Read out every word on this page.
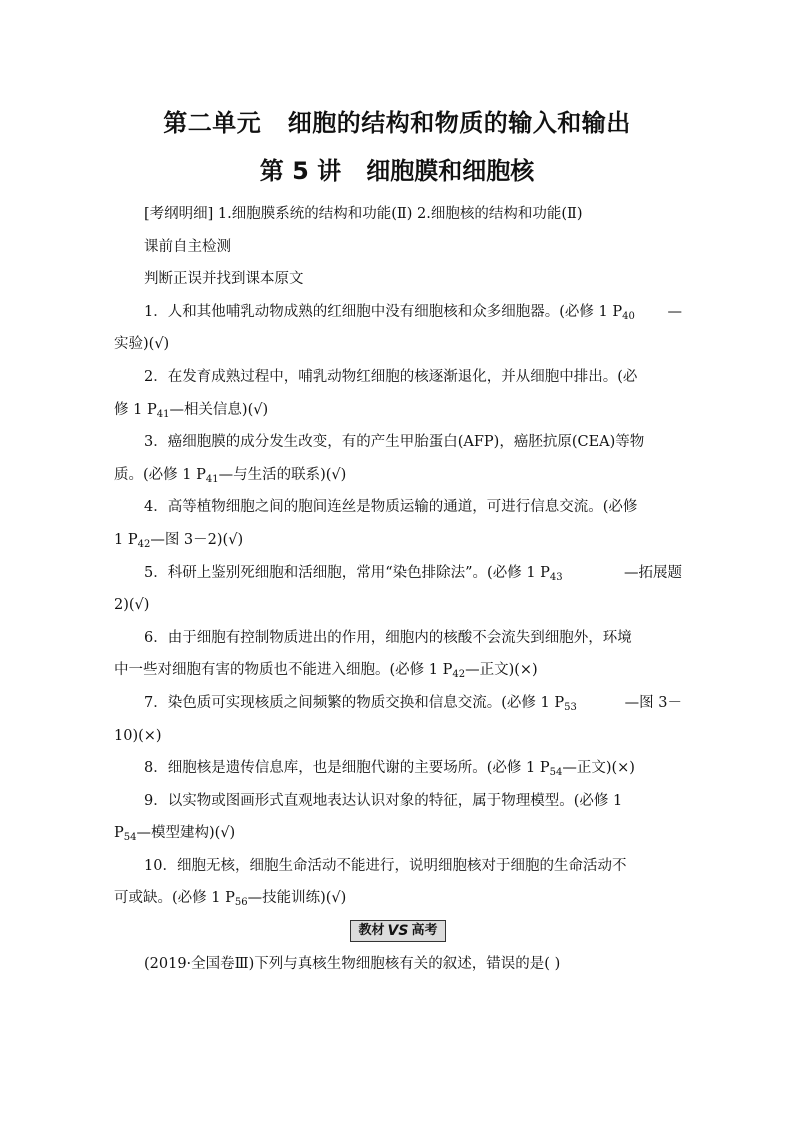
第二单元   细胞的结构和物质的输入和输出
第 5 讲   细胞膜和细胞核
[考纲明细] 1.细胞膜系统的结构和功能(Ⅱ) 2.细胞核的结构和功能(Ⅱ)
课前自主检测
判断正误并找到课本原文
1．人和其他哺乳动物成熟的红细胞中没有细胞核和众多细胞器。(必修 1 $P_{40}$ —
实验)(√)
2．在发育成熟过程中，哺乳动物红细胞的核逐渐退化，并从细胞中排出。(必
修 1 $P_{41}—$相关信息)(√)
3．癌细胞膜的成分发生改变，有的产生甲胎蛋白(AFP)，癌胚抗原(CEA)等物
质。(必修 1 $P_{41}—$与生活的联系)(√)
4．高等植物细胞之间的胞间连丝是物质运输的通道，可进行信息交流。(必修
1 $P_{42}—$图 3－2)(√)
5．科研上鉴别死细胞和活细胞，常用“染色排除法”。(必修 1 $P_{43}$	—拓展题
2)(√)
6．由于细胞有控制物质进出的作用，细胞内的核酸不会流失到细胞外，环境
中一些对细胞有害的物质也不能进入细胞。(必修 1 $P_{42}—$正文)(×)
7．染色质可实现核质之间频繁的物质交换和信息交流。(必修 1 $P_{53}$	—图 3－
10)(×)
8．细胞核是遗传信息库，也是细胞代谢的主要场所。(必修 1 $P_{54}—$正文)(×)
9．以实物或图画形式直观地表达认识对象的特征，属于物理模型。(必修 1
$P_{54}—$模型建构)(√)
10．细胞无核，细胞生命活动不能进行，说明细胞核对于细胞的生命活动不
可或缺。(必修 1 $P_{56}—$技能训练)(√)
教材 VS 高考
(2019·全国卷Ⅲ)下列与真核生物细胞核有关的叙述，错误的是( )
